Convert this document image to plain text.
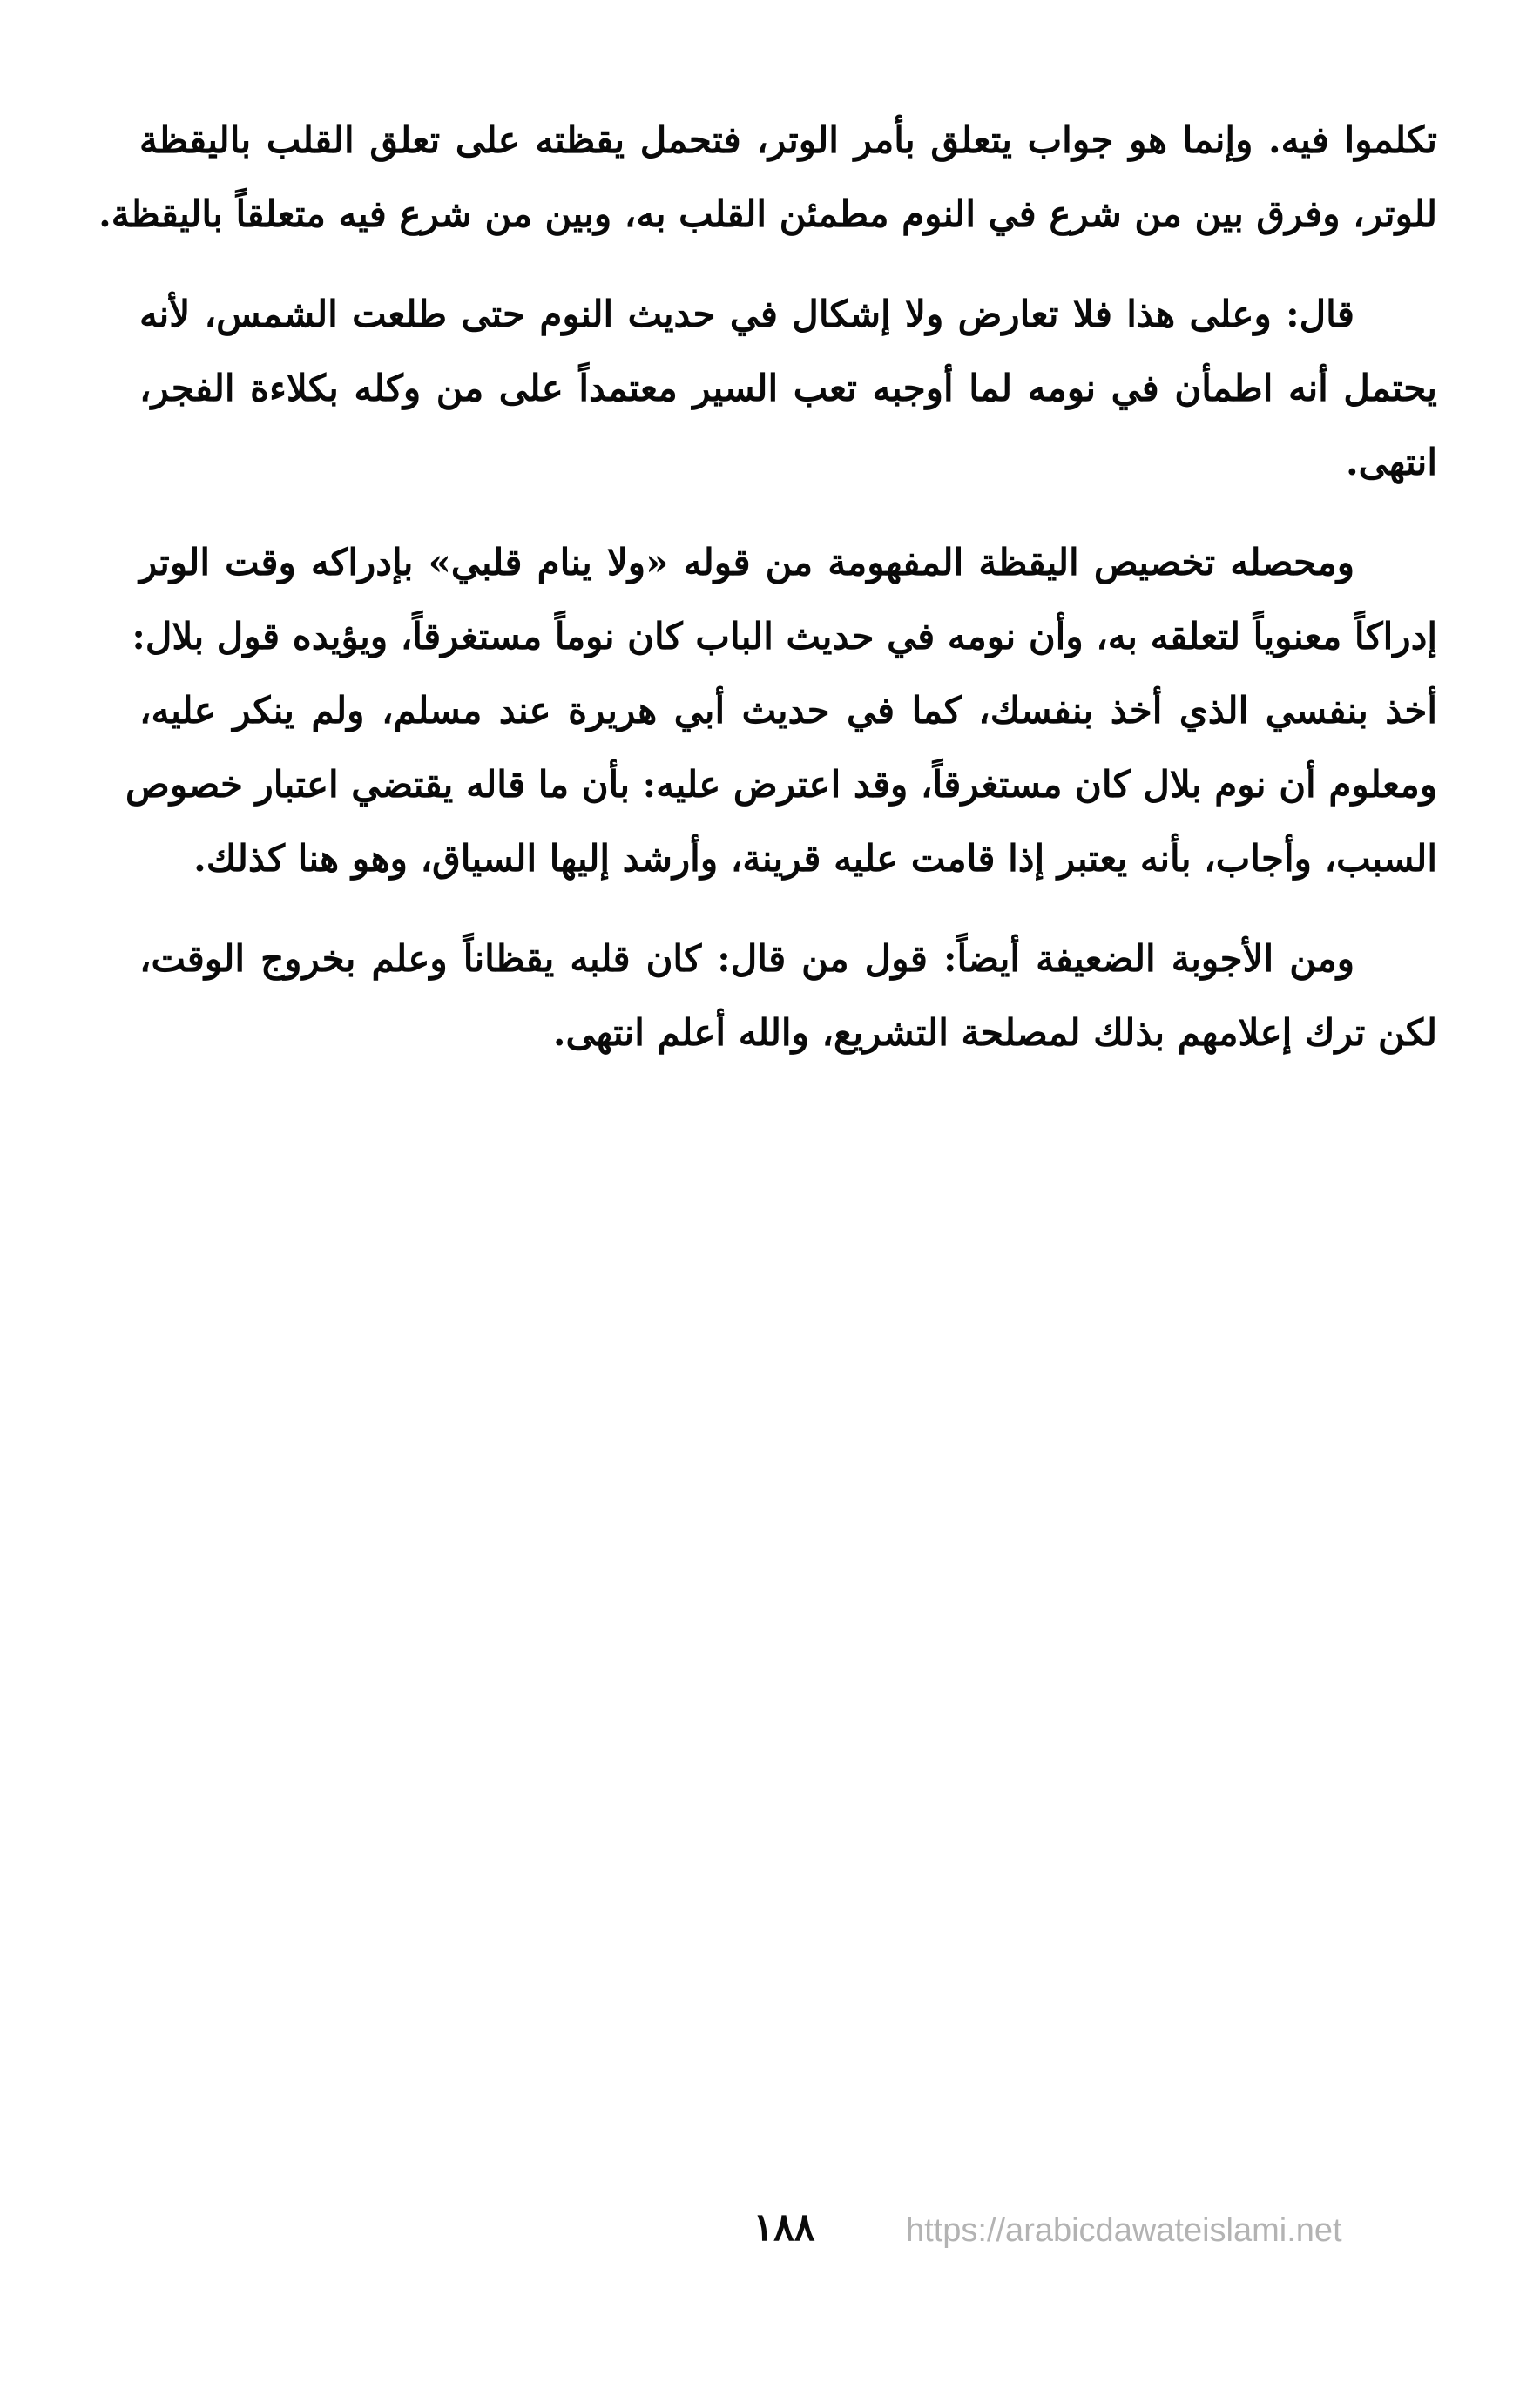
تكلموا فيه. وإنما هو جواب يتعلق بأمر الوتر، فتحمل يقظته على تعلق القلب باليقظة
للوتر، وفرق بين من شرع في النوم مطمئن القلب به، وبين من شرع فيه متعلقاً باليقظة.
قال: وعلى هذا فلا تعارض ولا إشكال في حديث النوم حتى طلعت الشمس، لأنه
يحتمل أنه اطمأن في نومه لما أوجبه تعب السير معتمداً على من وكله بكلاءة الفجر،
انتهى.
ومحصله تخصيص اليقظة المفهومة من قوله «ولا ينام قلبي» بإدراكه وقت الوتر
إدراكاً معنوياً لتعلقه به، وأن نومه في حديث الباب كان نوماً مستغرقاً، ويؤيده قول بلال:
أخذ بنفسي الذي أخذ بنفسك، كما في حديث أبي هريرة عند مسلم، ولم ينكر عليه،
ومعلوم أن نوم بلال كان مستغرقاً، وقد اعترض عليه: بأن ما قاله يقتضي اعتبار خصوص
السبب، وأجاب، بأنه يعتبر إذا قامت عليه قرينة، وأرشد إليها السياق، وهو هنا كذلك.
ومن الأجوبة الضعيفة أيضاً: قول من قال: كان قلبه يقظاناً وعلم بخروج الوقت،
لكن ترك إعلامهم بذلك لمصلحة التشريع، والله أعلم انتهى.
١٨٨	https://arabicdawateislami.net
